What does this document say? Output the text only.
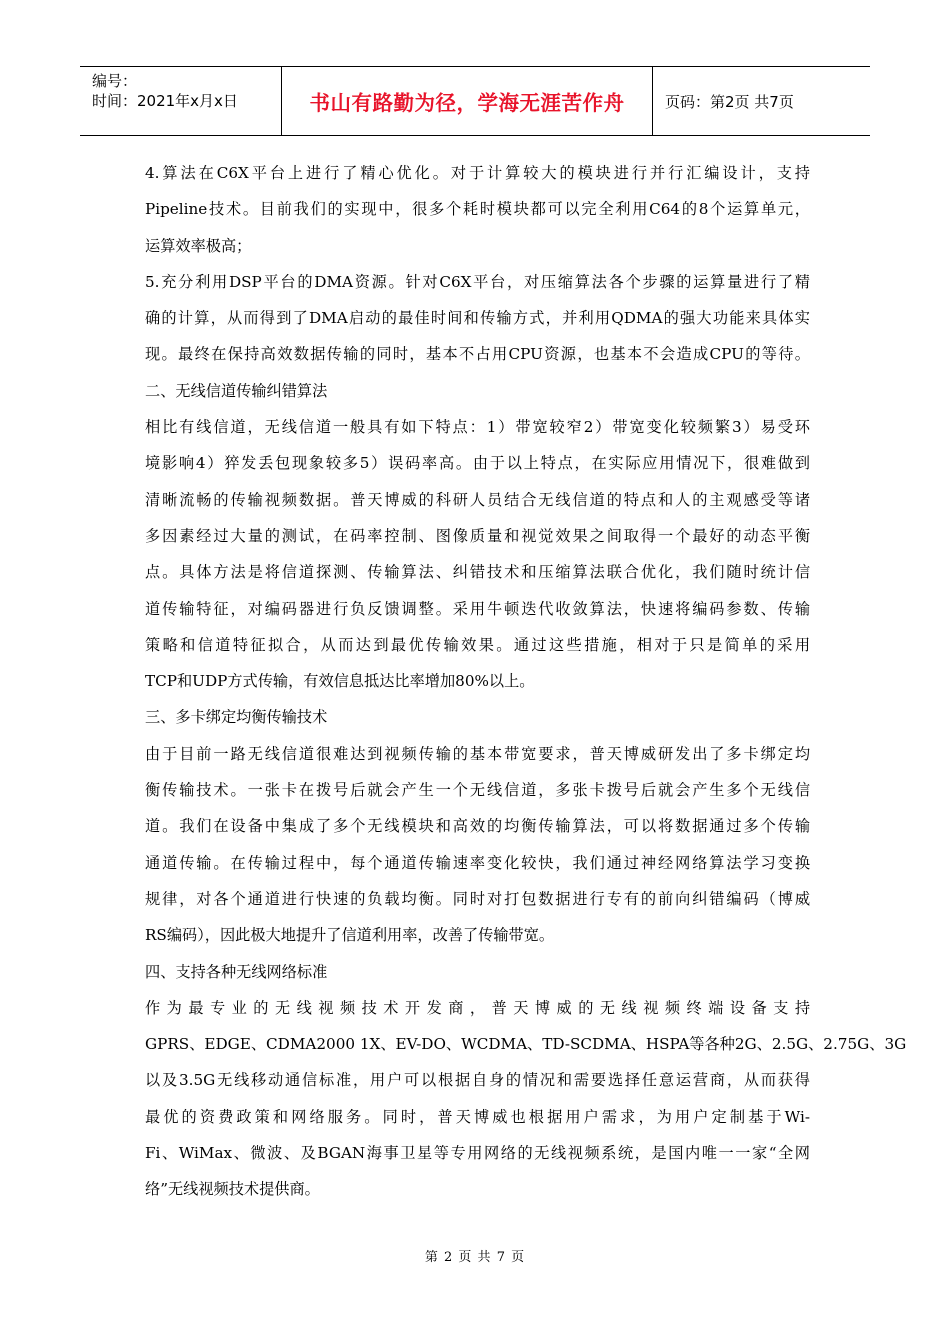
编号：
时间：2021年x月x日	书山有路勤为径，学海无涯苦作舟	页码：第2页 共7页
4.算法在C6X平台上进行了精心优化。对于计算较大的模块进行并行汇编设计，支持
Pipeline技术。目前我们的实现中，很多个耗时模块都可以完全利用C64的8个运算单元，
运算效率极高；
5.充分利用DSP平台的DMA资源。针对C6X平台，对压缩算法各个步骤的运算量进行了精
确的计算，从而得到了DMA启动的最佳时间和传输方式，并利用QDMA的强大功能来具体实
现。最终在保持高效数据传输的同时，基本不占用CPU资源，也基本不会造成CPU的等待。
二、无线信道传输纠错算法
相比有线信道，无线信道一般具有如下特点：1）带宽较窄2）带宽变化较频繁3）易受环
境影响4）猝发丢包现象较多5）误码率高。由于以上特点，在实际应用情况下，很难做到
清晰流畅的传输视频数据。普天博威的科研人员结合无线信道的特点和人的主观感受等诸
多因素经过大量的测试，在码率控制、图像质量和视觉效果之间取得一个最好的动态平衡
点。具体方法是将信道探测、传输算法、纠错技术和压缩算法联合优化，我们随时统计信
道传输特征，对编码器进行负反馈调整。采用牛顿迭代收敛算法，快速将编码参数、传输
策略和信道特征拟合，从而达到最优传输效果。通过这些措施，相对于只是简单的采用
TCP和UDP方式传输，有效信息抵达比率增加80%以上。
三、多卡绑定均衡传输技术
由于目前一路无线信道很难达到视频传输的基本带宽要求，普天博威研发出了多卡绑定均
衡传输技术。一张卡在拨号后就会产生一个无线信道，多张卡拨号后就会产生多个无线信
道。我们在设备中集成了多个无线模块和高效的均衡传输算法，可以将数据通过多个传输
通道传输。在传输过程中，每个通道传输速率变化较快，我们通过神经网络算法学习变换
规律，对各个通道进行快速的负载均衡。同时对打包数据进行专有的前向纠错编码（博威
RS编码），因此极大地提升了信道利用率，改善了传输带宽。
四、支持各种无线网络标准
作为最专业的无线视频技术开发商，普天博威的无线视频终端设备支持
GPRS、EDGE、CDMA2000 1X、EV-DO、WCDMA、TD-SCDMA、HSPA等各种2G、2.5G、2.75G、3G
以及3.5G无线移动通信标准，用户可以根据自身的情况和需要选择任意运营商，从而获得
最优的资费政策和网络服务。同时，普天博威也根据用户需求，为用户定制基于Wi-
Fi、WiMax、微波、及BGAN海事卫星等专用网络的无线视频系统，是国内唯一一家“全网
络”无线视频技术提供商。
第 2 页 共 7 页
